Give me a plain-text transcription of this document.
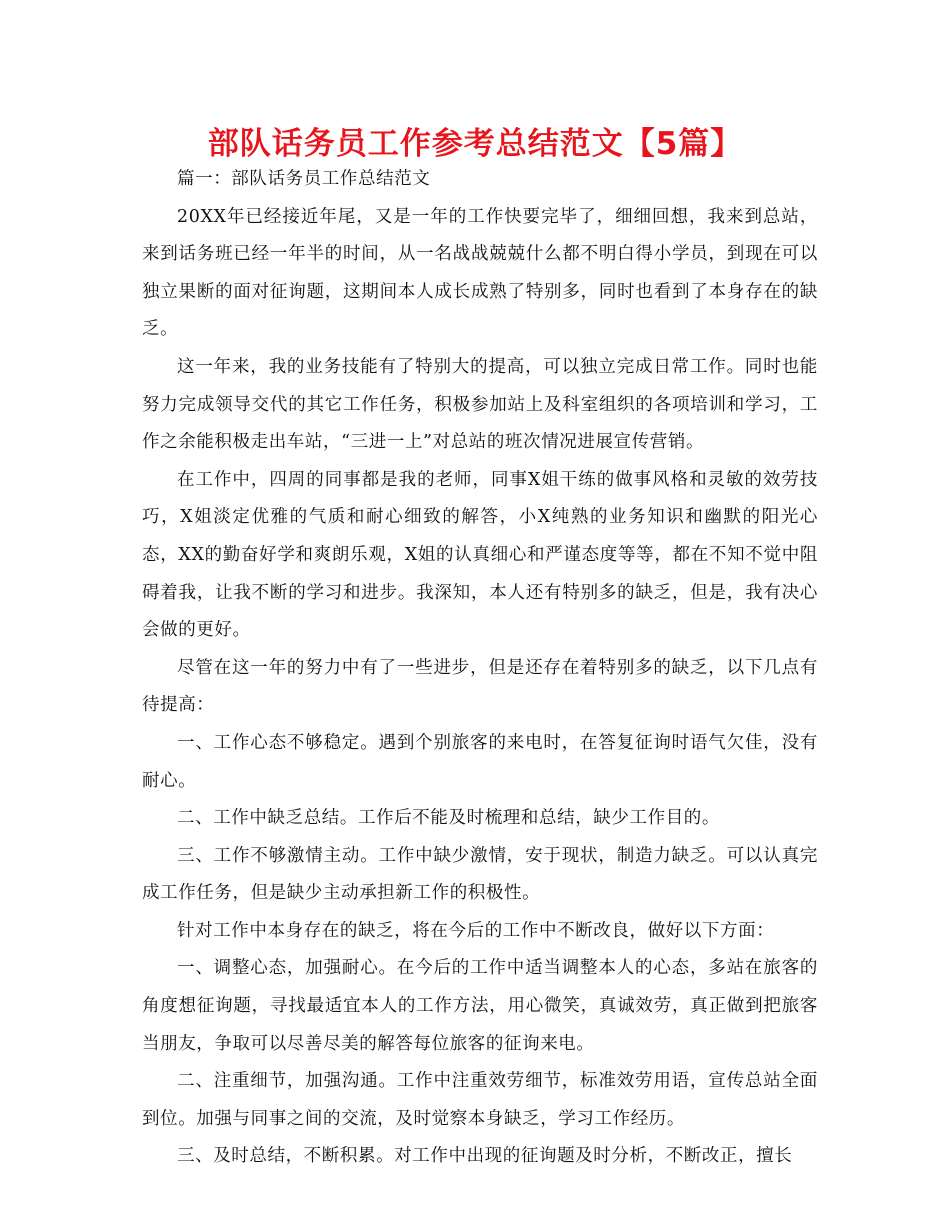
部队话务员工作参考总结范文【5篇】

篇一：部队话务员工作总结范文

20XX年已经接近年尾，又是一年的工作快要完毕了，细细回想，我来到总站，来到话务班已经一年半的时间，从一名战战兢兢什么都不明白得小学员，到现在可以独立果断的面对征询题，这期间本人成长成熟了特别多，同时也看到了本身存在的缺乏。

这一年来，我的业务技能有了特别大的提高，可以独立完成日常工作。同时也能努力完成领导交代的其它工作任务，积极参加站上及科室组织的各项培训和学习，工作之余能积极走出车站，“三进一上”对总站的班次情况进展宣传营销。

在工作中，四周的同事都是我的老师，同事X姐干练的做事风格和灵敏的效劳技巧，X姐淡定优雅的气质和耐心细致的解答，小X纯熟的业务知识和幽默的阳光心态，XX的勤奋好学和爽朗乐观，X姐的认真细心和严谨态度等等，都在不知不觉中阻碍着我，让我不断的学习和进步。我深知，本人还有特别多的缺乏，但是，我有决心会做的更好。

尽管在这一年的努力中有了一些进步，但是还存在着特别多的缺乏，以下几点有待提高：

一、工作心态不够稳定。遇到个别旅客的来电时，在答复征询时语气欠佳，没有耐心。

二、工作中缺乏总结。工作后不能及时梳理和总结，缺少工作目的。

三、工作不够激情主动。工作中缺少激情，安于现状，制造力缺乏。可以认真完成工作任务，但是缺少主动承担新工作的积极性。

针对工作中本身存在的缺乏，将在今后的工作中不断改良，做好以下方面：

一、调整心态，加强耐心。在今后的工作中适当调整本人的心态，多站在旅客的角度想征询题，寻找最适宜本人的工作方法，用心微笑，真诚效劳，真正做到把旅客当朋友，争取可以尽善尽美的解答每位旅客的征询来电。

二、注重细节，加强沟通。工作中注重效劳细节，标准效劳用语，宣传总站全面到位。加强与同事之间的交流，及时觉察本身缺乏，学习工作经历。

三、及时总结，不断积累。对工作中出现的征询题及时分析，不断改正，擅长
